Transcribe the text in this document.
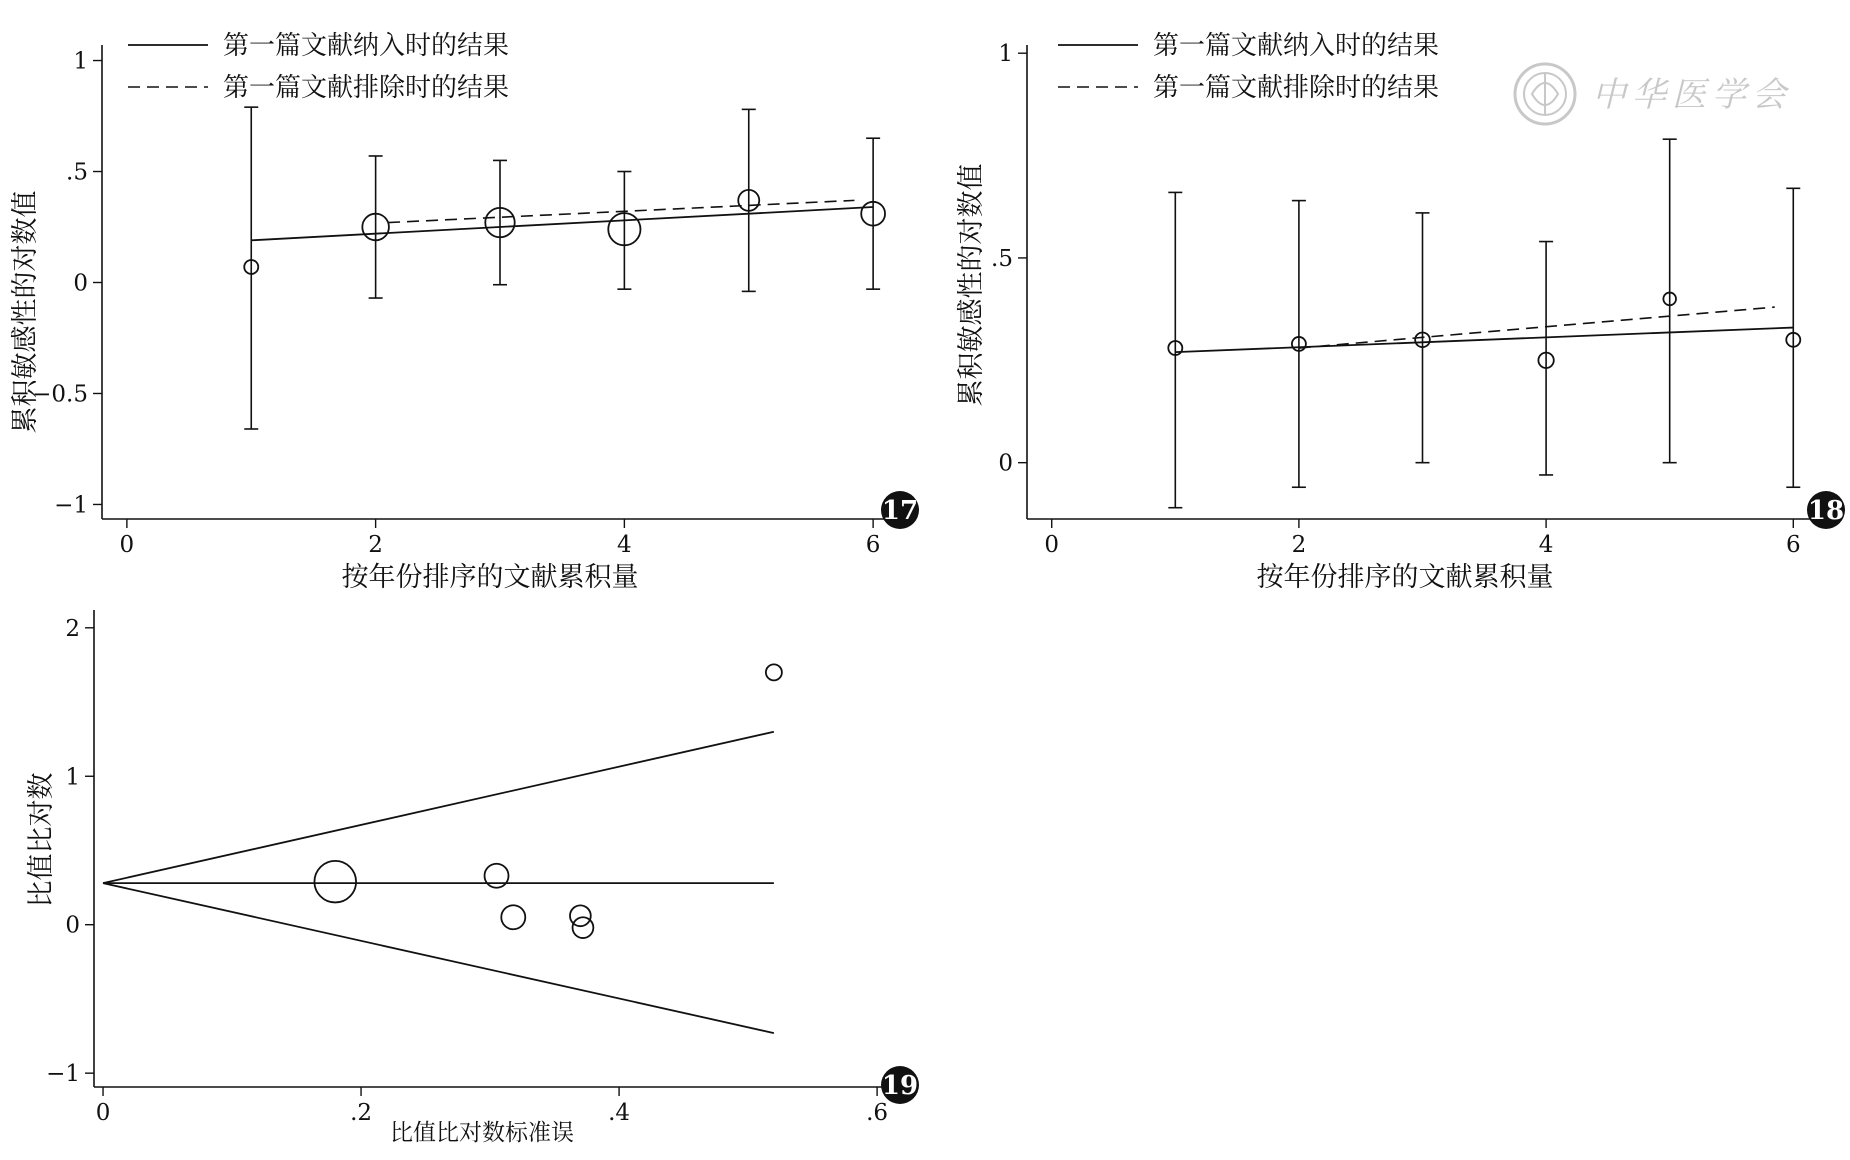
0	2	4	6
1
.5
0
−0.5
−1
按年份排序的文献累积量
累积敏感性的对数值
第一篇文献纳入时的结果
第一篇文献排除时的结果
17
0	2	4	6
1
.5
0
按年份排序的文献累积量
累积敏感性的对数值
第一篇文献纳入时的结果
第一篇文献排除时的结果
18
0	.2	.4	.6
2
1
0
−1
比值比对数标准误
比值比对数
19
中华医学会
